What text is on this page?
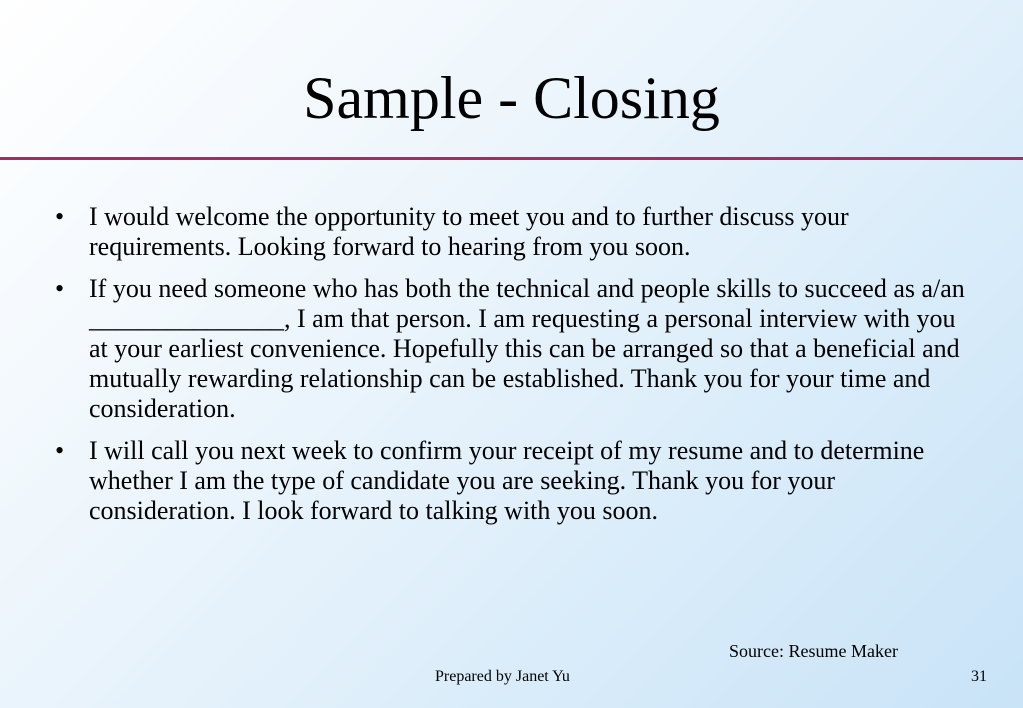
Sample - Closing
• I would welcome the opportunity to meet you and to further discuss your requirements. Looking forward to hearing from you soon.
• If you need someone who has both the technical and people skills to succeed as a/an _______________, I am that person. I am requesting a personal interview with you at your earliest convenience. Hopefully this can be arranged so that a beneficial and mutually rewarding relationship can be established. Thank you for your time and consideration.
• I will call you next week to confirm your receipt of my resume and to determine whether I am the type of candidate you are seeking. Thank you for your consideration. I look forward to talking with you soon.
Source: Resume Maker
Prepared by Janet Yu	31
